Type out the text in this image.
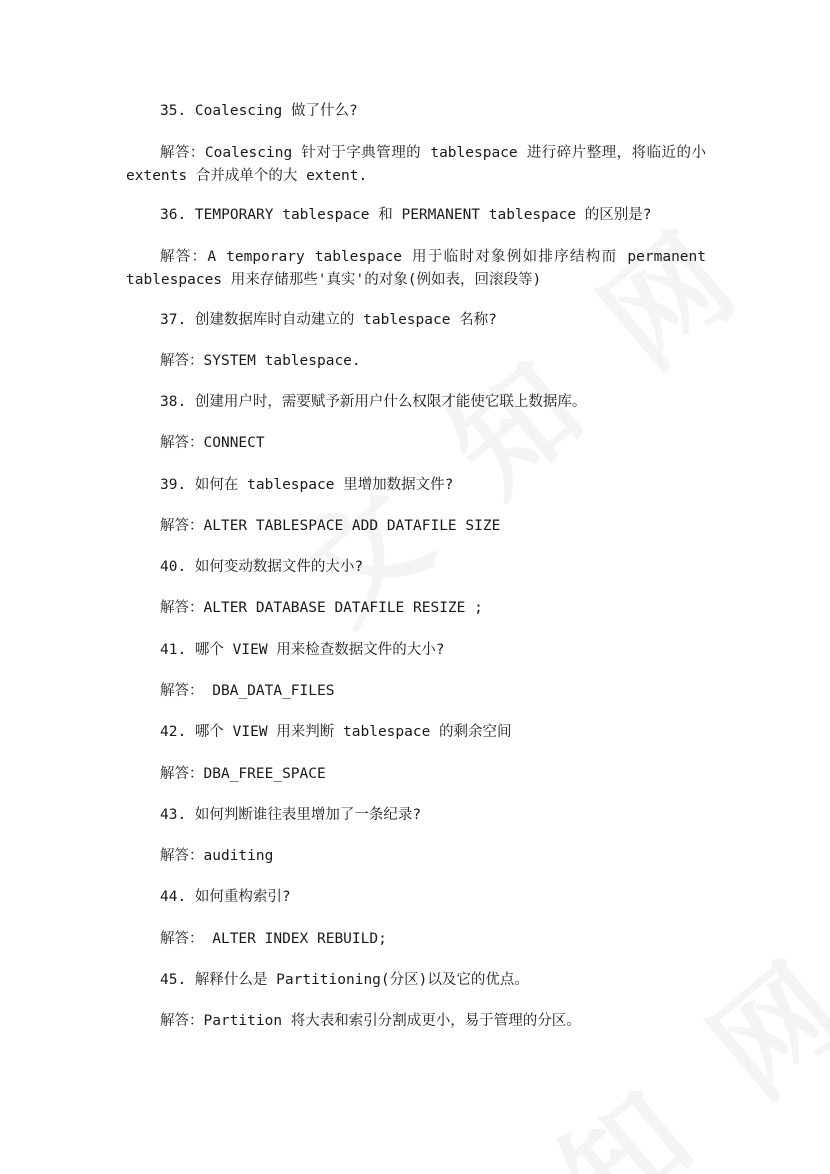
35. Coalescing 做了什么?
解答：Coalescing 针对于字典管理的 tablespace 进行碎片整理，将临近的小 extents 合并成单个的大 extent.
36. TEMPORARY tablespace 和 PERMANENT tablespace 的区别是?
解答：A temporary tablespace 用于临时对象例如排序结构而 permanent tablespaces 用来存储那些'真实'的对象(例如表，回滚段等)
37. 创建数据库时自动建立的 tablespace 名称?
解答：SYSTEM tablespace.
38. 创建用户时，需要赋予新用户什么权限才能使它联上数据库。
解答：CONNECT
39. 如何在 tablespace 里增加数据文件?
解答：ALTER TABLESPACE ADD DATAFILE SIZE
40. 如何变动数据文件的大小?
解答：ALTER DATABASE DATAFILE RESIZE ;
41. 哪个 VIEW 用来检查数据文件的大小?
解答： DBA_DATA_FILES
42. 哪个 VIEW 用来判断 tablespace 的剩余空间
解答：DBA_FREE_SPACE
43. 如何判断谁往表里增加了一条纪录?
解答：auditing
44. 如何重构索引?
解答： ALTER INDEX REBUILD;
45. 解释什么是 Partitioning(分区)以及它的优点。
解答：Partition 将大表和索引分割成更小，易于管理的分区。
